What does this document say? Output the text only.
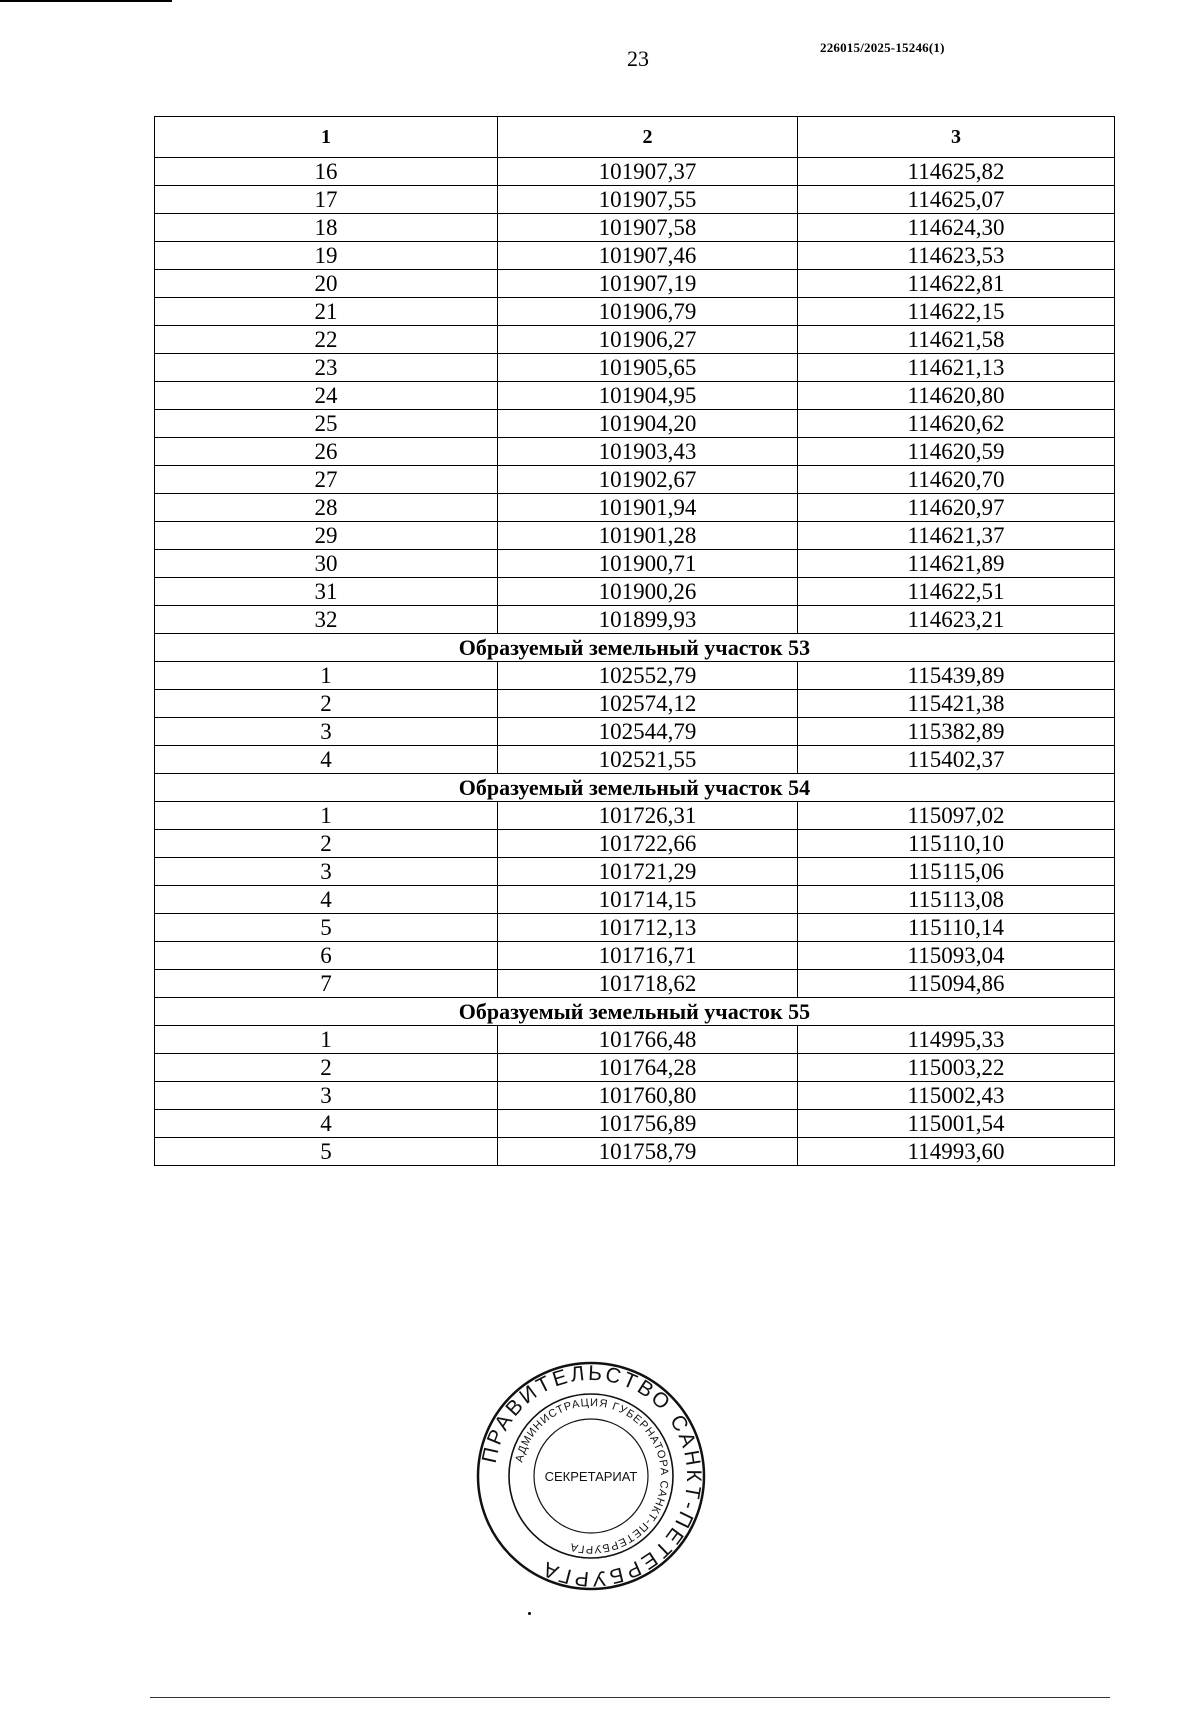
23	226015/2025-15246(1)
1	2	3
16	101907,37	114625,82
17	101907,55	114625,07
18	101907,58	114624,30
19	101907,46	114623,53
20	101907,19	114622,81
21	101906,79	114622,15
22	101906,27	114621,58
23	101905,65	114621,13
24	101904,95	114620,80
25	101904,20	114620,62
26	101903,43	114620,59
27	101902,67	114620,70
28	101901,94	114620,97
29	101901,28	114621,37
30	101900,71	114621,89
31	101900,26	114622,51
32	101899,93	114623,21
Образуемый земельный участок 53		
1	102552,79	115439,89
2	102574,12	115421,38
3	102544,79	115382,89
4	102521,55	115402,37
Образуемый земельный участок 54		
1	101726,31	115097,02
2	101722,66	115110,10
3	101721,29	115115,06
4	101714,15	115113,08
5	101712,13	115110,14
6	101716,71	115093,04
7	101718,62	115094,86
Образуемый земельный участок 55		
1	101766,48	114995,33
2	101764,28	115003,22
3	101760,80	115002,43
4	101756,89	115001,54
5	101758,79	114993,60
ПРАВИТЕЛЬСТВО САНКТ-ПЕТЕРБУРГА
АДМИНИСТРАЦИЯ ГУБЕРНАТОРА САНКТ-ПЕТЕРБУРГА
СЕКРЕТАРИАТ
